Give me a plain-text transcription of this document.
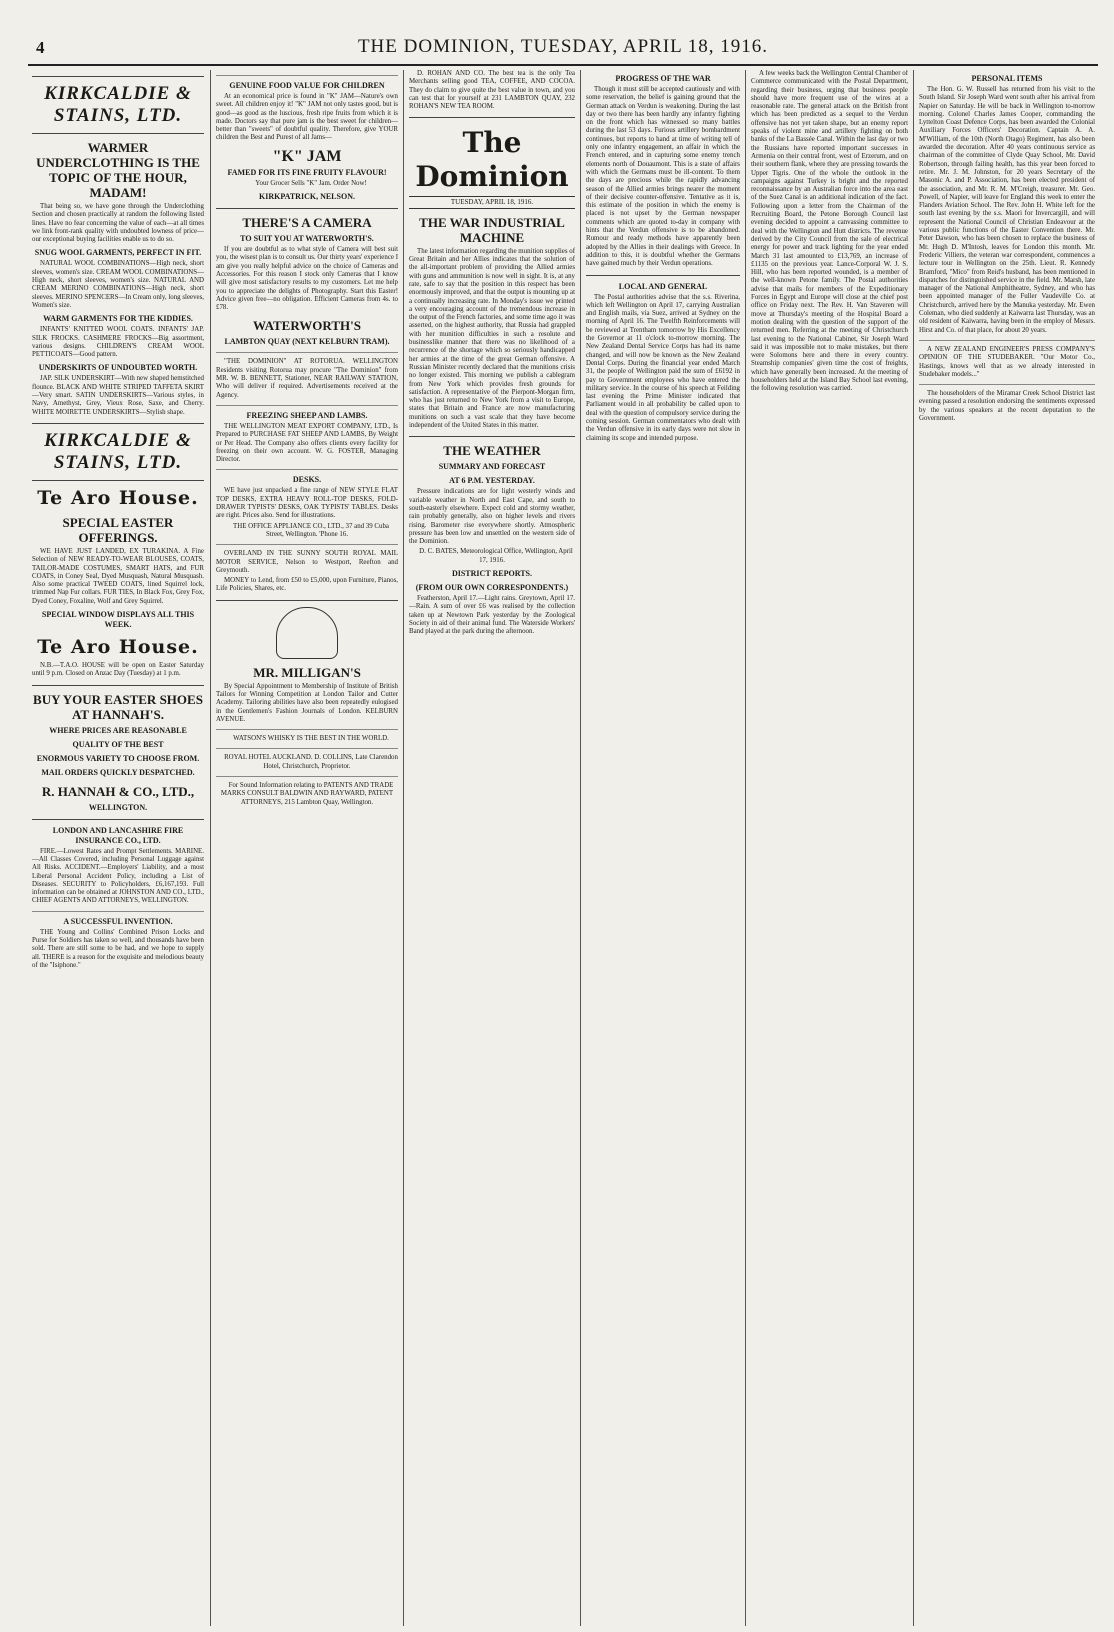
4	THE DOMINION, TUESDAY, APRIL 18, 1916.
KIRKCALDIE & STAINS, LTD.
WARMER UNDERCLOTHING IS THE TOPIC OF THE HOUR, MADAM!

That being so, we have gone through the Underclothing Section and chosen practically at random the following listed lines. Have no fear concerning the value of each—at all times we link front-rank quality with undoubted lowness of price—our exceptional buying facilities enable us to do so.

SNUG WOOL GARMENTS, PERFECT IN FIT.

NATURAL WOOL COMBINATIONS—High neck, short sleeves, women's size. CREAM WOOL COMBINATIONS—High neck, short sleeves, women's size. NATURAL AND CREAM MERINO COMBINATIONS—High neck, short sleeves. MERINO SPENCERS—In Cream only, long sleeves, Women's size.

WARM GARMENTS FOR THE KIDDIES.

INFANTS' KNITTED WOOL COATS. INFANTS' JAP. SILK FROCKS. CASHMERE FROCKS—Big assortment, various designs. CHILDREN'S CREAM WOOL PETTICOATS—Good pattern.

UNDERSKIRTS OF UNDOUBTED WORTH.

JAP. SILK UNDERSKIRT—With new shaped hemstitched flounce. BLACK AND WHITE STRIPED TAFFETA SKIRT—Very smart. SATIN UNDERSKIRTS—Various styles, in Navy, Amethyst, Grey, Vieux Rose, Saxe, and Cherry. WHITE MOIRETTE UNDERSKIRTS—Stylish shape.

KIRKCALDIE & STAINS, LTD.
Te Aro House.
SPECIAL EASTER OFFERINGS.

WE HAVE JUST LANDED, EX TURAKINA. A Fine Selection of NEW READY-TO-WEAR BLOUSES, COATS, TAILOR-MADE COSTUMES, SMART HATS, and FUR COATS, in Coney Seal, Dyed Musquash, Natural Musquash. Also some practical TWEED COATS, lined Squirrel lock, trimmed Nap Fur collars. FUR TIES, In Black Fox, Grey Fox, Dyed Coney, Foxaline, Wolf and Grey Squirrel.

SPECIAL WINDOW DISPLAYS ALL THIS WEEK.
Te Aro House.

N.B.—T.A.O. HOUSE will be open on Easter Saturday until 9 p.m. Closed on Anzac Day (Tuesday) at 1 p.m.

BUY YOUR EASTER SHOES AT HANNAH'S.
WHERE PRICES ARE REASONABLE
QUALITY OF THE BEST
ENORMOUS VARIETY TO CHOOSE FROM.
MAIL ORDERS QUICKLY DESPATCHED.
R. HANNAH & CO., LTD.,
WELLINGTON.
LONDON AND LANCASHIRE FIRE INSURANCE CO., LTD.

FIRE.—Lowest Rates and Prompt Settlements. MARINE.—All Classes Covered, including Personal Luggage against All Risks. ACCIDENT.—Employers' Liability, and a most Liberal Personal Accident Policy, including a List of Diseases. SECURITY to Policyholders, £6,167,193. Full information can be obtained at JOHNSTON AND CO., LTD., CHIEF AGENTS AND ATTORNEYS, WELLINGTON.

A SUCCESSFUL INVENTION.

THE Young and Collins' Combined Prison Locks and Purse for Soldiers has taken so well, and thousands have been sold. There are still some to be had, and we hope to supply all. THERE is a reason for the exquisite and melodious beauty of the "Isiphone."

GENUINE FOOD VALUE FOR CHILDREN

At an economical price is found in "K" JAM—Nature's own sweet. All children enjoy it! "K" JAM not only tastes good, but is good—as good as the luscious, fresh ripe fruits from which it is made. Doctors say that pure jam is the best sweet for children—better than "sweets" of doubtful quality. Therefore, give YOUR children the Best and Purest of all Jams—

"K" JAM
FAMED FOR ITS FINE FRUITY FLAVOUR!

Your Grocer Sells "K" Jam. Order Now!

KIRKPATRICK, NELSON.
THERE'S A CAMERA
TO SUIT YOU AT WATERWORTH'S.

If you are doubtful as to what style of Camera will best suit you, the wisest plan is to consult us. Our thirty years' experience I am give you really helpful advice on the choice of Cameras and Accessories. For this reason I stock only Cameras that I know will give most satisfactory results to my customers. Let me help you to appreciate the delights of Photography. Start this Easter! Advice given free—no obligation. Efficient Cameras from 4s. to £78.

WATERWORTH'S
LAMBTON QUAY (NEXT KELBURN TRAM).

"THE DOMINION" AT ROTORUA. WELLINGTON Residents visiting Rotorua may procure "The Dominion" from MR. W. B. BENNETT, Stationer, NEAR RAILWAY STATION, Who will deliver if required. Advertisements received at the Agency.

FREEZING SHEEP AND LAMBS.

THE WELLINGTON MEAT EXPORT COMPANY, LTD., Is Prepared to PURCHASE FAT SHEEP AND LAMBS, By Weight or Per Head. The Company also offers clients every facility for freezing on their own account. W. G. FOSTER, Managing Director.

DESKS.

WE have just unpacked a fine range of NEW STYLE FLAT TOP DESKS, EXTRA HEAVY ROLL-TOP DESKS, FOLD-DRAWER TYPISTS' DESKS, OAK TYPISTS' TABLES. Desks are right. Prices also. Send for illustrations.

THE OFFICE APPLIANCE CO., LTD., 37 and 39 Cuba Street, Wellington. 'Phone 16.

OVERLAND IN THE SUNNY SOUTH ROYAL MAIL MOTOR SERVICE, Nelson to Westport, Reefton and Greymouth.

MONEY to Lend, from £50 to £5,000, upon Furniture, Pianos, Life Policies, Shares, etc.

MR. MILLIGAN'S

By Special Appointment to Membership of Institute of British Tailors for Winning Competition at London Tailor and Cutter Academy. Tailoring abilities have also been repeatedly eulogised in the Gentlemen's Fashion Journals of London. KELBURN AVENUE.

WATSON'S WHISKY IS THE BEST IN THE WORLD.

ROYAL HOTEL AUCKLAND. D. COLLINS, Late Clarendon Hotel, Christchurch, Proprietor.

For Sound Information relating to PATENTS AND TRADE MARKS CONSULT BALDWIN AND RAYWARD, PATENT ATTORNEYS, 215 Lambton Quay, Wellington.

D. ROHAN AND CO. The best tea is the only Tea Merchants selling good TEA, COFFEE, AND COCOA. They do claim to give quite the best value in town, and you can test that for yourself at 231 LAMBTON QUAY, 232 ROHAN'S NEW TEA ROOM.

The Dominion
TUESDAY, APRIL 18, 1916.
THE WAR INDUSTRIAL MACHINE

The latest information regarding the munition supplies of Great Britain and her Allies indicates that the solution of the all-important problem of providing the Allied armies with guns and ammunition is now well in sight. It is, at any rate, safe to say that the position in this respect has been enormously improved, and that the output is mounting up at a continually increasing rate. In Monday's issue we printed a very encouraging account of the tremendous increase in the output of the French factories, and some time ago it was asserted, on the highest authority, that Russia had grappled with her munition difficulties in such a resolute and businesslike manner that there was no likelihood of a recurrence of the shortage which so seriously handicapped her armies at the time of the great German offensive. A Russian Minister recently declared that the munitions crisis no longer existed. This morning we publish a cablegram from New York which provides fresh grounds for satisfaction. A representative of the Pierpont-Morgan firm, who has just returned to New York from a visit to Europe, states that Britain and France are now manufacturing munitions on such a vast scale that they have become independent of the United States in this matter.

THE WEATHER
SUMMARY AND FORECAST
AT 6 P.M. YESTERDAY.

Pressure indications are for light westerly winds and variable weather in North and East Cape, and south to south-easterly elsewhere. Expect cold and stormy weather, rain probably generally, also on higher levels and rivers rising. Barometer rise everywhere shortly. Atmospheric pressure has been low and unsettled on the western side of the Dominion.

D. C. BATES, Meteorological Office, Wellington, April 17, 1916.

DISTRICT REPORTS.
(FROM OUR OWN CORRESPONDENTS.)

Featherston, April 17.—Light rains. Greytown, April 17.—Rain. A sum of over £6 was realised by the collection taken up at Newtown Park yesterday by the Zoological Society in aid of their animal fund. The Waterside Workers' Band played at the park during the afternoon.

PROGRESS OF THE WAR

Though it must still be accepted cautiously and with some reservation, the belief is gaining ground that the German attack on Verdun is weakening. During the last day or two there has been hardly any infantry fighting on the front which has witnessed so many battles during the last 53 days. Furious artillery bombardment continues, but reports to hand at time of writing tell of only one infantry engagement, an affair in which the French entered, and in capturing some enemy trench elements north of Douaumont. This is a state of affairs with which the Germans must be ill-content. To them the days are precious while the rapidly advancing season of the Allied armies brings nearer the moment of their decisive counter-offensive. Tentative as it is, this estimate of the position in which the enemy is placed is not upset by the German newspaper comments which are quoted to-day in company with hints that the Verdun offensive is to be abandoned. Rumour and ready methods have apparently been adopted by the Allies in their dealings with Greece. In addition to this, it is doubtful whether the Germans have gained much by their Verdun operations.

LOCAL AND GENERAL

The Postal authorities advise that the s.s. Riverina, which left Wellington on April 17, carrying Australian and English mails, via Suez, arrived at Sydney on the morning of April 16. The Twelfth Reinforcements will be reviewed at Trentham tomorrow by His Excellency the Governor at 11 o'clock to-morrow morning. The New Zealand Dental Service Corps has had its name changed, and will now be known as the New Zealand Dental Corps. During the financial year ended March 31, the people of Wellington paid the sum of £6192 in pay to Government employees who have entered the military service. In the course of his speech at Feilding last evening the Prime Minister indicated that Parliament would in all probability be called upon to deal with the question of compulsory service during the coming session. German commentators who dealt with the Verdun offensive in its early days were not slow in claiming its scope and intended purpose.

A few weeks back the Wellington Central Chamber of Commerce communicated with the Postal Department, regarding their business, urging that business people should have more frequent use of the wires at a reasonable rate. The general attack on the British front which has been predicted as a sequel to the Verdun offensive has not yet taken shape, but an enemy report speaks of violent mine and artillery fighting on both banks of the La Bassée Canal. Within the last day or two the Russians have reported important successes in Armenia on their central front, west of Erzerum, and on their southern flank, where they are pressing towards the Upper Tigris. One of the whole the outlook in the campaigns against Turkey is bright and the reported reconnaissance by an Australian force into the area east of the Suez Canal is an additional indication of the fact. Following upon a letter from the Chairman of the Recruiting Board, the Petone Borough Council last evening decided to appoint a canvassing committee to deal with the Wellington and Hutt districts. The revenue derived by the City Council from the sale of electrical energy for power and track lighting for the year ended March 31 last amounted to £13,769, an increase of £1135 on the previous year. Lance-Corporal W. J. S. Hill, who has been reported wounded, is a member of the well-known Petone family. The Postal authorities advise that mails for members of the Expeditionary Forces in Egypt and Europe will close at the chief post office on Friday next. The Rev. H. Van Staveren will move at Thursday's meeting of the Hospital Board a motion dealing with the question of the support of the returned men. Referring at the meeting of Christchurch last evening to the National Cabinet, Sir Joseph Ward said it was impossible not to make mistakes, but there were Solomons here and there in every country. Steamship companies' given time the cost of freights, which have generally been increased. At the meeting of householders held at the Island Bay School last evening, the following resolution was carried.

PERSONAL ITEMS

The Hon. G. W. Russell has returned from his visit to the South Island. Sir Joseph Ward went south after his arrival from Napier on Saturday. He will be back in Wellington to-morrow morning. Colonel Charles James Cooper, commanding the Lyttelton Coast Defence Corps, has been awarded the Colonial Auxiliary Forces Officers' Decoration. Captain A. A. M'William, of the 10th (North Otago) Regiment, has also been awarded the decoration. After 40 years continuous service as chairman of the committee of Clyde Quay School, Mr. David Robertson, through failing health, has this year been forced to retire. Mr. J. M. Johnston, for 20 years Secretary of the Masonic A. and P. Association, has been elected president of the association, and Mr. R. M. M'Creigh, treasurer. Mr. Geo. Powell, of Napier, will leave for England this week to enter the Flanders Aviation School. The Rev. John H. White left for the south last evening by the s.s. Maori for Invercargill, and will represent the National Council of Christian Endeavour at the various public functions of the Easter Convention there. Mr. Peter Dawson, who has been chosen to replace the business of Mr. Hugh D. M'Intosh, leaves for London this month. Mr. Frederic Villiers, the veteran war correspondent, commences a lecture tour in Wellington on the 25th. Lieut. R. Kennedy Bramford, "Mico" from Reid's husband, has been mentioned in dispatches for distinguished service in the field. Mr. Marsh, late manager of the National Amphitheatre, Sydney, and who has been appointed manager of the Fuller Vaudeville Co. at Christchurch, arrived here by the Manuka yesterday. Mr. Ewen Coleman, who died suddenly at Kaiwarra last Thursday, was an old resident of Kaiwarra, having been in the employ of Messrs. Hirst and Co. of that place, for about 20 years.

A NEW ZEALAND ENGINEER'S PRESS COMPANY'S OPINION OF THE STUDEBAKER. "Our Motor Co., Hastings, knows well that as we already interested in Studebaker models..."

The householders of the Miramar Creek School District last evening passed a resolution endorsing the sentiments expressed by the various speakers at the recent deputation to the Government.
